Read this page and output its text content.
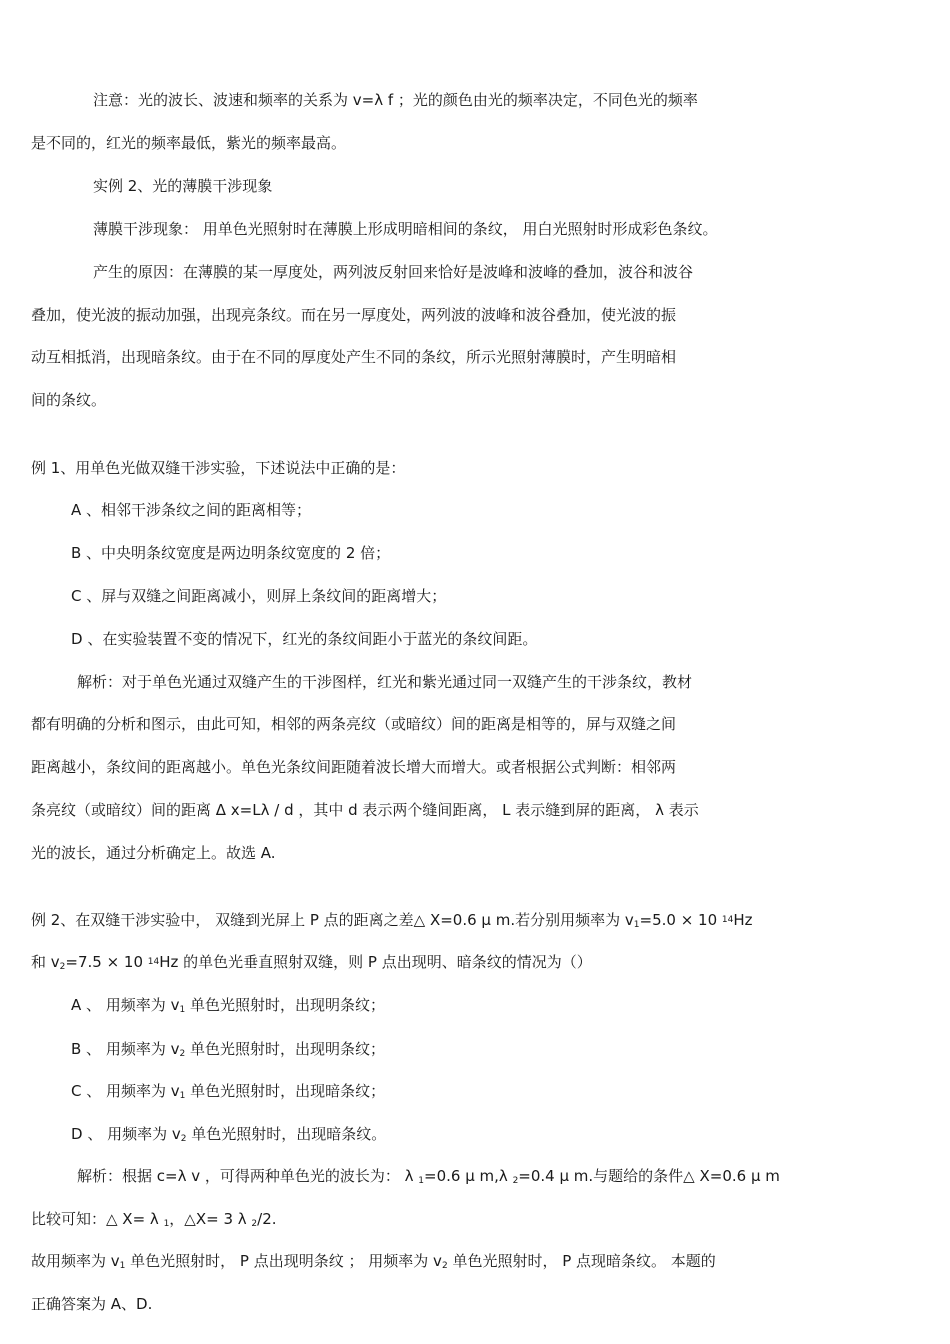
注意：光的波长、波速和频率的关系为 v=λ f ；光的颜色由光的频率决定，不同色光的频率
是不同的，红光的频率最低，紫光的频率最高。
实例 2、光的薄膜干涉现象
薄膜干涉现象： 用单色光照射时在薄膜上形成明暗相间的条纹， 用白光照射时形成彩色条纹。
产生的原因：在薄膜的某一厚度处，两列波反射回来恰好是波峰和波峰的叠加，波谷和波谷
叠加，使光波的振动加强，出现亮条纹。而在另一厚度处，两列波的波峰和波谷叠加，使光波的振
动互相抵消，出现暗条纹。由于在不同的厚度处产生不同的条纹，所示光照射薄膜时，产生明暗相
间的条纹。
例 1、用单色光做双缝干涉实验，下述说法中正确的是：
A 、相邻干涉条纹之间的距离相等；
B 、中央明条纹宽度是两边明条纹宽度的 2 倍；
C 、屏与双缝之间距离减小，则屏上条纹间的距离增大；
D 、在实验装置不变的情况下，红光的条纹间距小于蓝光的条纹间距。
解析：对于单色光通过双缝产生的干涉图样，红光和紫光通过同一双缝产生的干涉条纹，教材
都有明确的分析和图示，由此可知，相邻的两条亮纹（或暗纹）间的距离是相等的，屏与双缝之间
距离越小，条纹间的距离越小。单色光条纹间距随着波长增大而增大。或者根据公式判断：相邻两
条亮纹（或暗纹）间的距离 Δ x=Lλ / d ，其中 d 表示两个缝间距离， L 表示缝到屏的距离， λ 表示
光的波长，通过分析确定上。故选 A.
例 2、在双缝干涉实验中， 双缝到光屏上 P 点的距离之差△ X=0.6 μ m.若分别用频率为 $v_1=5.0 \times 10$ $^{14}$Hz
和 $v_2=7.5 \times 10$ $^{14}$Hz 的单色光垂直照射双缝，则 P 点出现明、暗条纹的情况为（）
A 、 用频率为 $v_1$ 单色光照射时，出现明条纹；
B 、 用频率为 $v_2$ 单色光照射时，出现明条纹；
C 、 用频率为 $v_1$ 单色光照射时，出现暗条纹；
D 、 用频率为 $v_2$ 单色光照射时，出现暗条纹。
解析：根据 c=λ v ，可得两种单色光的波长为： λ $_1$=0.6 μ m,λ $_2$=0.4 μ m.与题给的条件△ X=0.6 μ m
比较可知：△ X= λ $_1$，△X= 3 λ $_2$/2.
故用频率为 $v_1$ 单色光照射时， P 点出现明条纹 ； 用频率为 $v_2$ 单色光照射时， P 点现暗条纹。 本题的
正确答案为 A、D.
